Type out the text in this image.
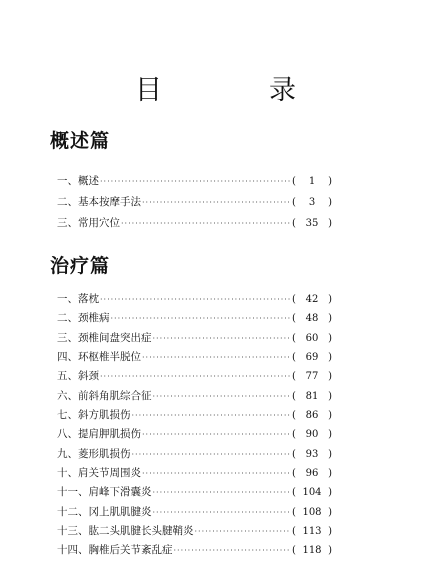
目　录
概述篇
一、概述 ·····	(	1	)
二、基本按摩手法 ·····	(	3	)
三、常用穴位 ·····	( 35 )
治疗篇
一、落枕 ·····	( 42 )
二、颈椎病 ·····	( 48 )
三、颈椎间盘突出症 ·····	( 60 )
四、环枢椎半脱位 ·····	( 69 )
五、斜颈 ·····	( 77 )
六、前斜角肌综合征 ·····	( 81 )
七、斜方肌损伤 ·····	( 86 )
八、提肩胛肌损伤 ·····	( 90 )
九、菱形肌损伤 ·····	( 93 )
十、肩关节周围炎 ·····	( 96 )
十一、肩峰下滑囊炎 ·····	( 104 )
十二、冈上肌肌腱炎 ·····	( 108 )
十三、肱二头肌腱长头腱鞘炎 ·····	( 113 )
十四、胸椎后关节紊乱症 ·····	( 118 )
